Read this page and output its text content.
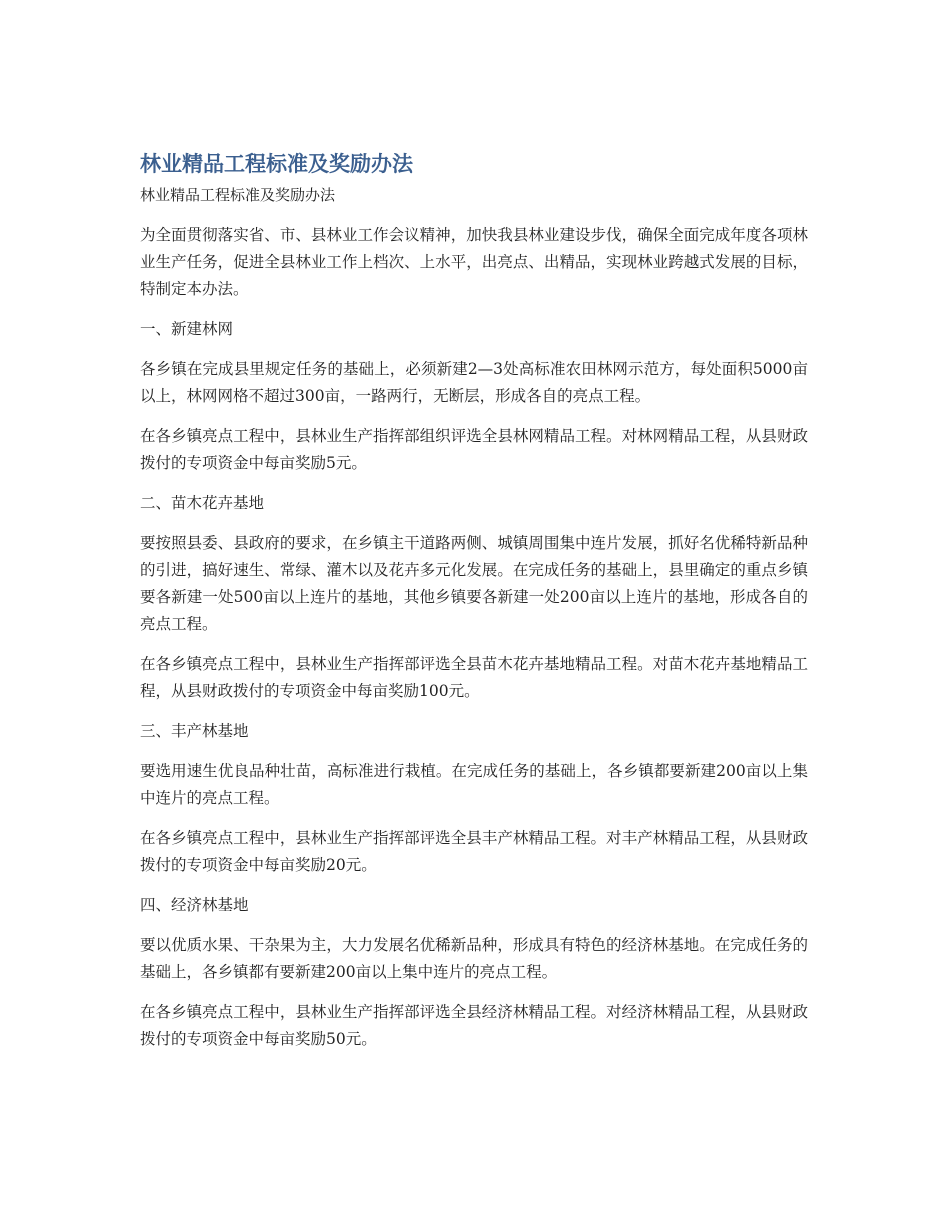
林业精品工程标准及奖励办法
林业精品工程标准及奖励办法

为全面贯彻落实省、市、县林业工作会议精神，加快我县林业建设步伐，确保全面完成年度各项林业生产任务，促进全县林业工作上档次、上水平，出亮点、出精品，实现林业跨越式发展的目标，特制定本办法。

一、新建林网

各乡镇在完成县里规定任务的基础上，必须新建2—3处高标准农田林网示范方，每处面积5000亩以上，林网网格不超过300亩，一路两行，无断层，形成各自的亮点工程。

在各乡镇亮点工程中，县林业生产指挥部组织评选全县林网精品工程。对林网精品工程，从县财政拨付的专项资金中每亩奖励5元。

二、苗木花卉基地

要按照县委、县政府的要求，在乡镇主干道路两侧、城镇周围集中连片发展，抓好名优稀特新品种的引进，搞好速生、常绿、灌木以及花卉多元化发展。在完成任务的基础上，县里确定的重点乡镇要各新建一处500亩以上连片的基地，其他乡镇要各新建一处200亩以上连片的基地，形成各自的亮点工程。

在各乡镇亮点工程中，县林业生产指挥部评选全县苗木花卉基地精品工程。对苗木花卉基地精品工程，从县财政拨付的专项资金中每亩奖励100元。

三、丰产林基地

要选用速生优良品种壮苗，高标准进行栽植。在完成任务的基础上，各乡镇都要新建200亩以上集中连片的亮点工程。

在各乡镇亮点工程中，县林业生产指挥部评选全县丰产林精品工程。对丰产林精品工程，从县财政拨付的专项资金中每亩奖励20元。

四、经济林基地

要以优质水果、干杂果为主，大力发展名优稀新品种，形成具有特色的经济林基地。在完成任务的基础上，各乡镇都有要新建200亩以上集中连片的亮点工程。

在各乡镇亮点工程中，县林业生产指挥部评选全县经济林精品工程。对经济林精品工程，从县财政拨付的专项资金中每亩奖励50元。
